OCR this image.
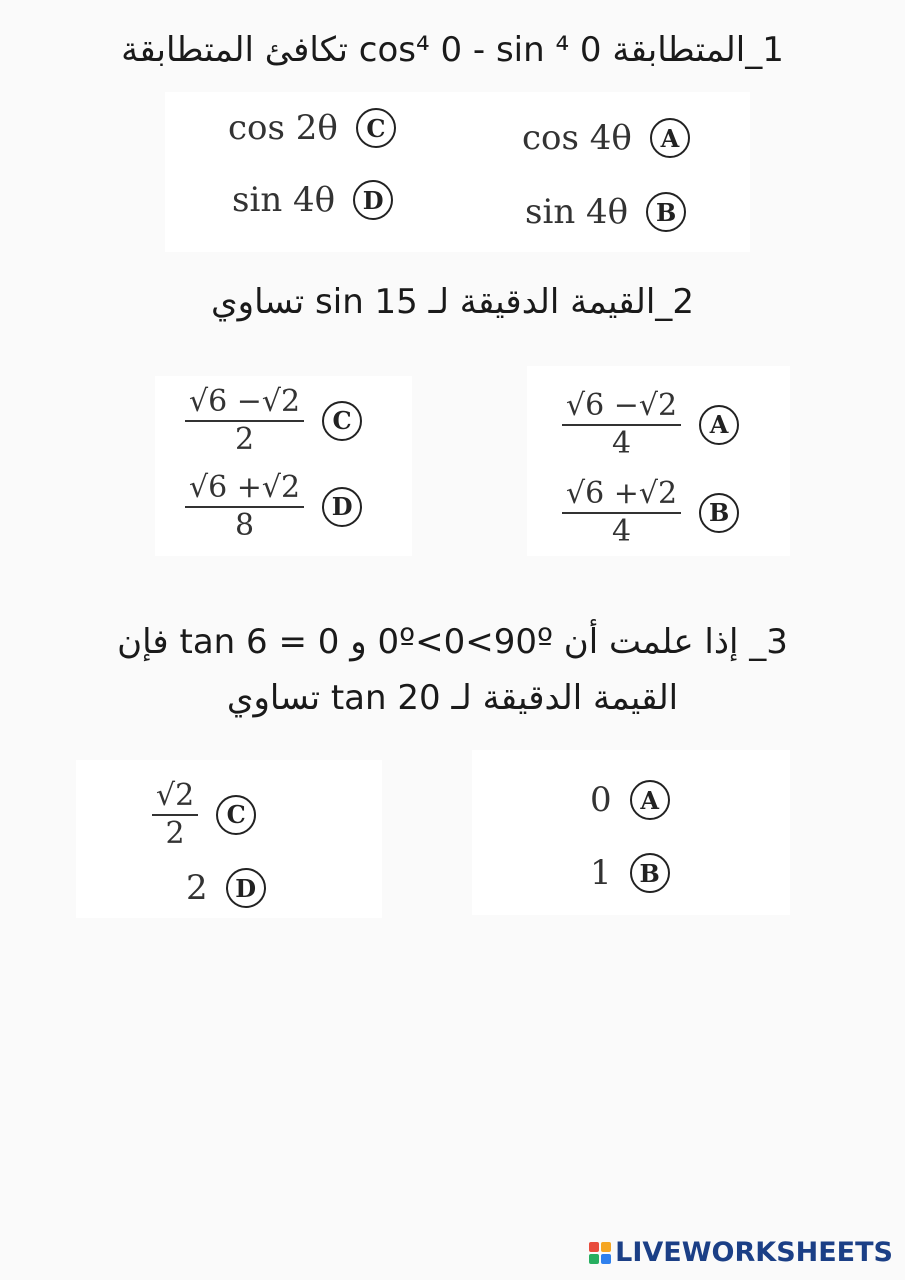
1_المتطابقة cos⁴ 0 - sin ⁴ 0 تكافئ المتطابقة
cos 4θ	A
sin 4θ	B
cos 2θ	C
sin 4θ	D
2_القيمة الدقيقة لـ sin 15 تساوي
$\frac{√6 -√2}{4}$	A
$\frac{√6 +√2}{4}$	B
$\frac{√6 -√2}{2}$	C
$\frac{√6 +√2}{8}$	D
3_ إذا علمت أن 0º<0<90º و 0 = tan 6 فإن
القيمة الدقيقة لـ tan 20 تساوي
0	A
1	B
$\frac{√2}{2}$	C
2	D
LIVEWORKSHEETS
